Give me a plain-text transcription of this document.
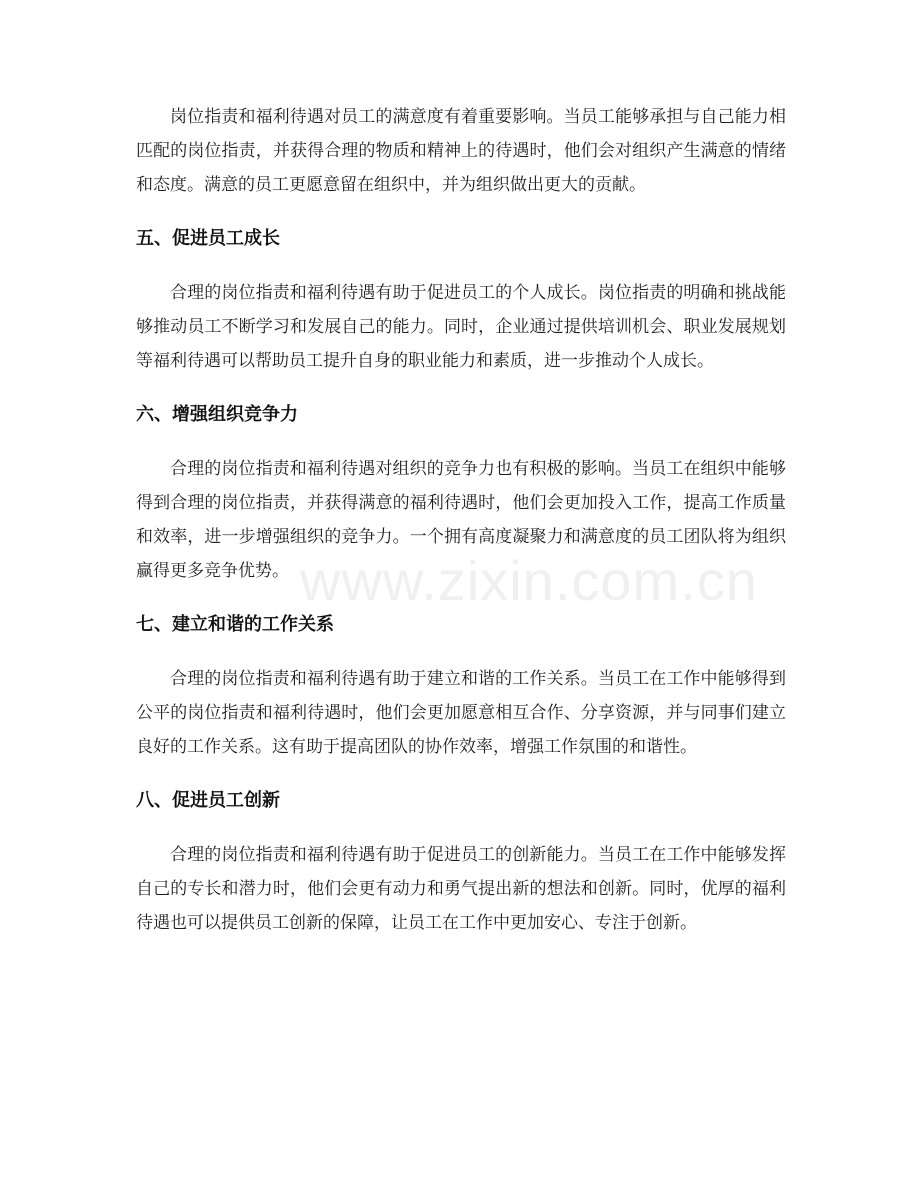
岗位指责和福利待遇对员工的满意度有着重要影响。当员工能够承担与自己能力相匹配的岗位指责，并获得合理的物质和精神上的待遇时，他们会对组织产生满意的情绪和态度。满意的员工更愿意留在组织中，并为组织做出更大的贡献。

五、促进员工成长

合理的岗位指责和福利待遇有助于促进员工的个人成长。岗位指责的明确和挑战能够推动员工不断学习和发展自己的能力。同时，企业通过提供培训机会、职业发展规划等福利待遇可以帮助员工提升自身的职业能力和素质，进一步推动个人成长。

六、增强组织竞争力

合理的岗位指责和福利待遇对组织的竞争力也有积极的影响。当员工在组织中能够得到合理的岗位指责，并获得满意的福利待遇时，他们会更加投入工作，提高工作质量和效率，进一步增强组织的竞争力。一个拥有高度凝聚力和满意度的员工团队将为组织赢得更多竞争优势。

七、建立和谐的工作关系

合理的岗位指责和福利待遇有助于建立和谐的工作关系。当员工在工作中能够得到公平的岗位指责和福利待遇时，他们会更加愿意相互合作、分享资源，并与同事们建立良好的工作关系。这有助于提高团队的协作效率，增强工作氛围的和谐性。

八、促进员工创新

合理的岗位指责和福利待遇有助于促进员工的创新能力。当员工在工作中能够发挥自己的专长和潜力时，他们会更有动力和勇气提出新的想法和创新。同时，优厚的福利待遇也可以提供员工创新的保障，让员工在工作中更加安心、专注于创新。

www.zixin.com.cn
